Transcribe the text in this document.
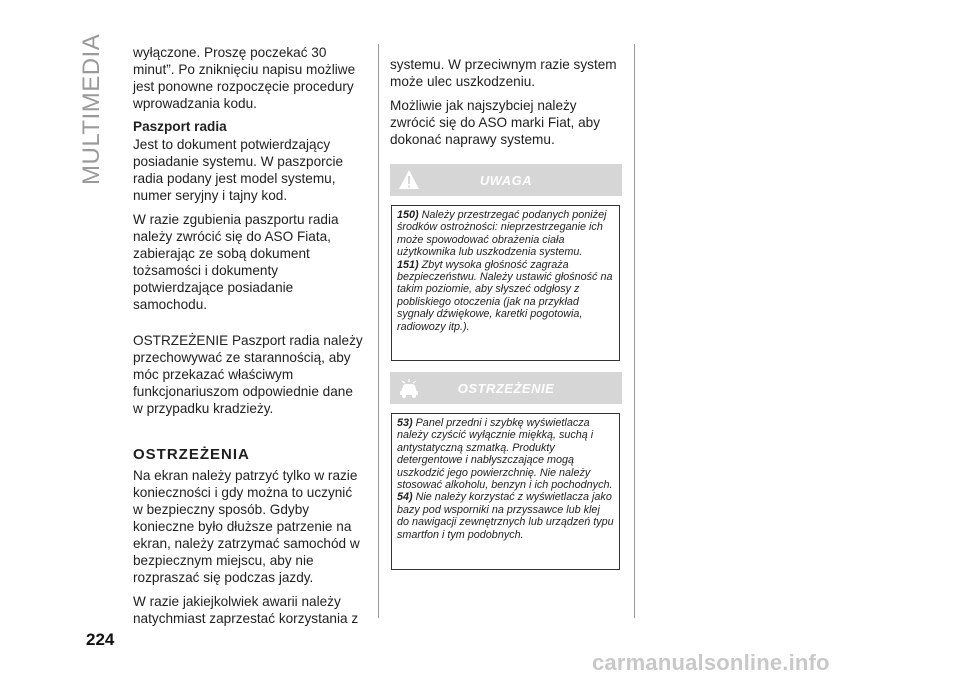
MULTIMEDIA wyłączone. Proszę poczekać 30 minut”. Po zniknięciu napisu możliwe jest ponowne rozpoczęcie procedury wprowadzania kodu.

Paszport radia

Jest to dokument potwierdzający posiadanie systemu. W paszporcie radia podany jest model systemu, numer seryjny i tajny kod.

W razie zgubienia paszportu radia należy zwrócić się do ASO Fiata, zabierając ze sobą dokument tożsamości i dokumenty potwierdzające posiadanie samochodu.

OSTRZEŻENIE Paszport radia należy przechowywać ze starannością, aby móc przekazać właściwym funkcjonariuszom odpowiednie dane w przypadku kradzieży.

OSTRZEŻENIA

Na ekran należy patrzyć tylko w razie konieczności i gdy można to uczynić w bezpieczny sposób. Gdyby konieczne było dłuższe patrzenie na ekran, należy zatrzymać samochód w bezpiecznym miejscu, aby nie rozpraszać się podczas jazdy.

W razie jakiejkolwiek awarii należy natychmiast zaprzestać korzystania z

systemu. W przeciwnym razie system może ulec uszkodzeniu.

Możliwie jak najszybciej należy zwrócić się do ASO marki Fiat, aby dokonać naprawy systemu.

UWAGA
150) Należy przestrzegać podanych poniżej środków ostrożności: nieprzestrzeganie ich może spowodować obrażenia ciała użytkownika lub uszkodzenia systemu.
151) Zbyt wysoka głośność zagraża bezpieczeństwu. Należy ustawić głośność na takim poziomie, aby słyszeć odgłosy z pobliskiego otoczenia (jak na przykład sygnały dźwiękowe, karetki pogotowia, radiowozy itp.).
OSTRZEŻENIE
53) Panel przedni i szybkę wyświetlacza należy czyścić wyłącznie miękką, suchą i antystatyczną szmatką. Produkty detergentowe i nabłyszczające mogą uszkodzić jego powierzchnię. Nie należy stosować alkoholu, benzyn i ich pochodnych.
54) Nie należy korzystać z wyświetlacza jako bazy pod wsporniki na przyssawce lub klej do nawigacji zewnętrznych lub urządzeń typu smartfon i tym podobnych.
224
carmanualsonline.info
